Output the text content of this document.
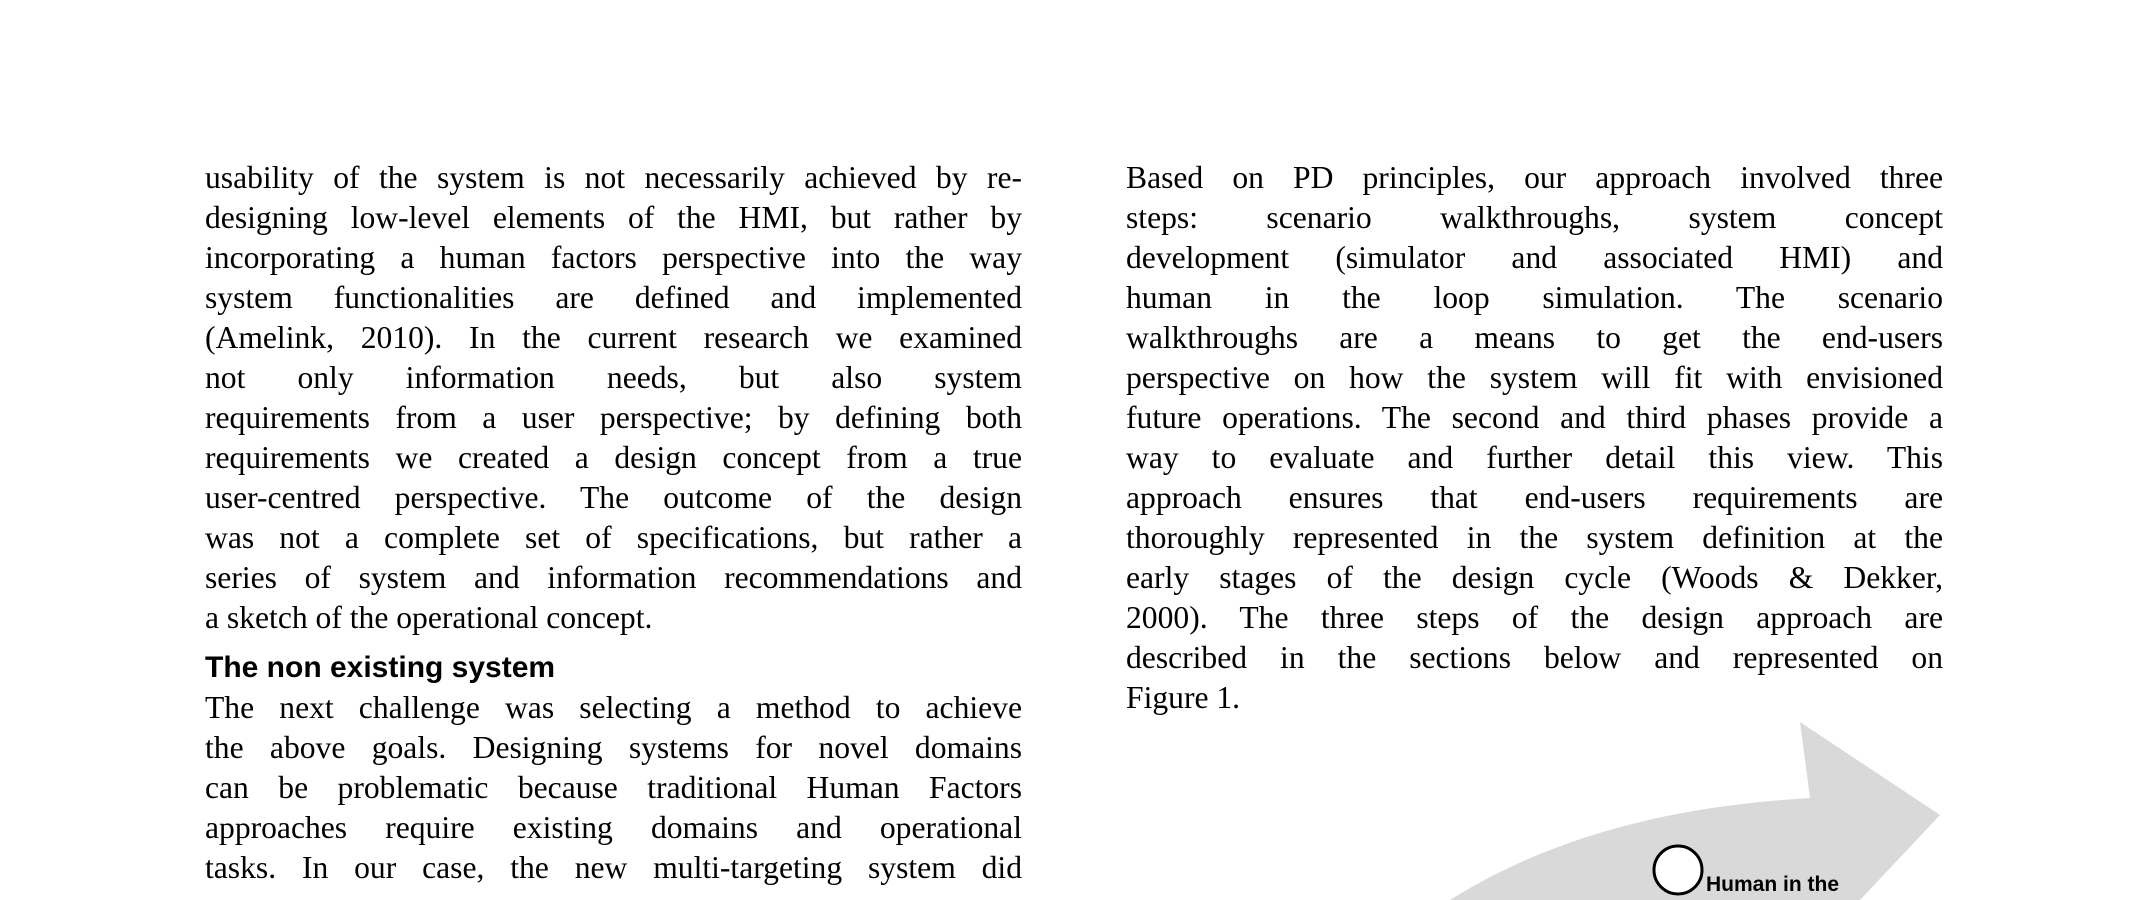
usability of the system is not necessarily achieved by re-
designing low-level elements of the HMI, but rather by
incorporating a human factors perspective into the way
system functionalities are defined and implemented
(Amelink, 2010). In the current research we examined
not only information needs, but also system
requirements from a user perspective; by defining both
requirements we created a design concept from a true
user-centred perspective. The outcome of the design
was not a complete set of specifications, but rather a
series of system and information recommendations and
a sketch of the operational concept.

The non existing system

The next challenge was selecting a method to achieve
the above goals. Designing systems for novel domains
can be problematic because traditional Human Factors
approaches require existing domains and operational
tasks. In our case, the new multi-targeting system did

Based on PD principles, our approach involved three
steps: scenario walkthroughs, system concept
development (simulator and associated HMI) and
human in the loop simulation. The scenario
walkthroughs are a means to get the end-users
perspective on how the system will fit with envisioned
future operations. The second and third phases provide a
way to evaluate and further detail this view. This
approach ensures that end-users requirements are
thoroughly represented in the system definition at the
early stages of the design cycle (Woods & Dekker,
2000). The three steps of the design approach are
described in the sections below and represented on
Figure 1.

Human in the
